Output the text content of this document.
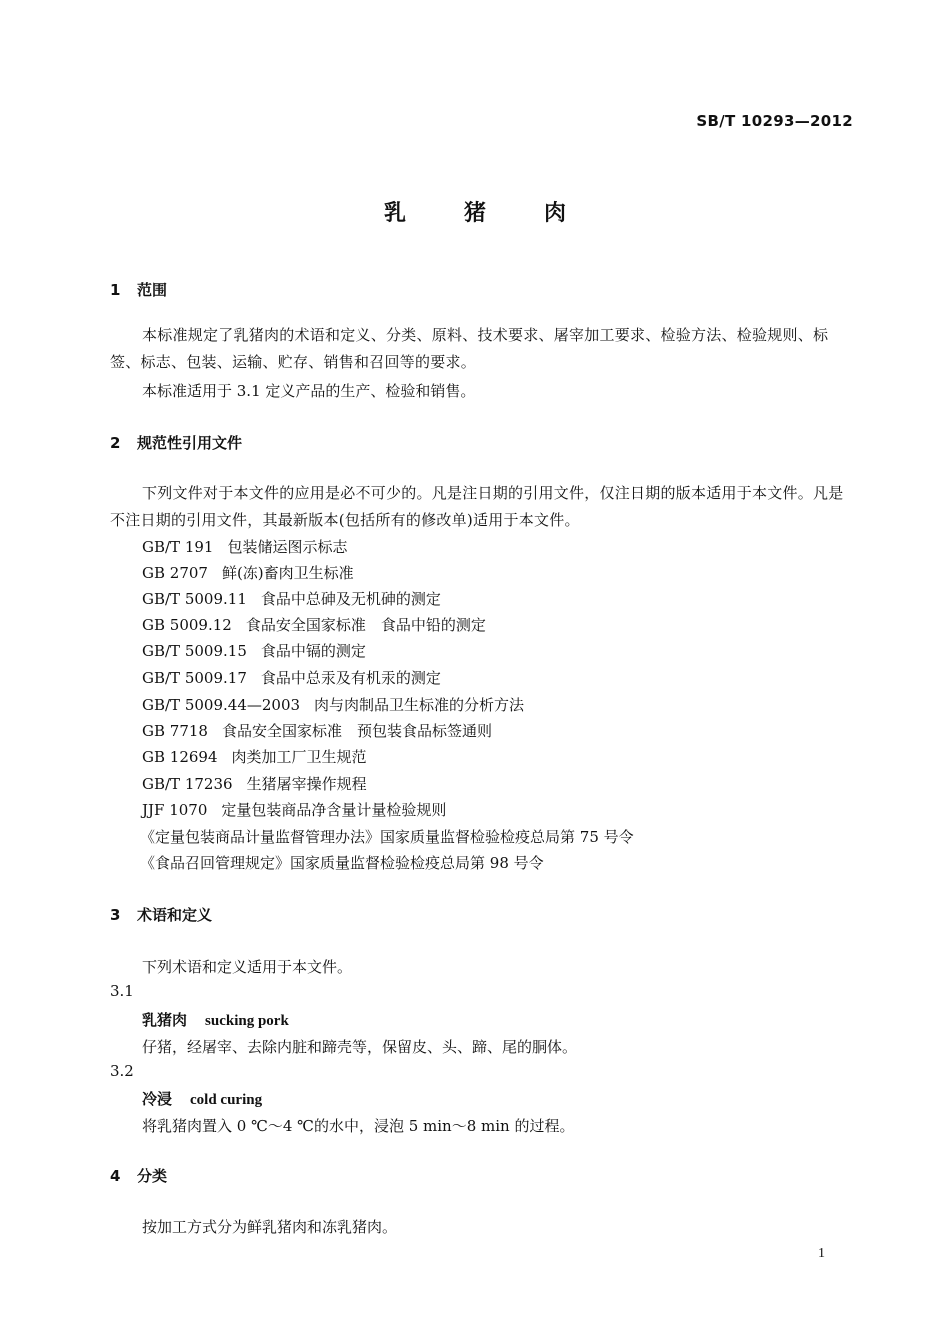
SB/T 10293—2012
乳猪肉
1 范围
本标准规定了乳猪肉的术语和定义、分类、原料、技术要求、屠宰加工要求、检验方法、检验规则、标签、标志、包装、运输、贮存、销售和召回等的要求。
本标准适用于 3.1 定义产品的生产、检验和销售。
2 规范性引用文件
下列文件对于本文件的应用是必不可少的。凡是注日期的引用文件，仅注日期的版本适用于本文件。凡是不注日期的引用文件，其最新版本(包括所有的修改单)适用于本文件。
GB/T 191 包装储运图示标志
GB 2707 鲜(冻)畜肉卫生标准
GB/T 5009.11 食品中总砷及无机砷的测定
GB 5009.12 食品安全国家标准　食品中铅的测定
GB/T 5009.15 食品中镉的测定
GB/T 5009.17 食品中总汞及有机汞的测定
GB/T 5009.44—2003 肉与肉制品卫生标准的分析方法
GB 7718 食品安全国家标准　预包装食品标签通则
GB 12694 肉类加工厂卫生规范
GB/T 17236 生猪屠宰操作规程
JJF 1070 定量包装商品净含量计量检验规则
《定量包装商品计量监督管理办法》国家质量监督检验检疫总局第 75 号令
《食品召回管理规定》国家质量监督检验检疫总局第 98 号令
3 术语和定义
下列术语和定义适用于本文件。
3.1
乳猪肉 sucking pork
仔猪，经屠宰、去除内脏和蹄壳等，保留皮、头、蹄、尾的胴体。
3.2
冷浸 cold curing
将乳猪肉置入 0 ℃～4 ℃的水中，浸泡 5 min～8 min 的过程。
4 分类
按加工方式分为鲜乳猪肉和冻乳猪肉。
1
